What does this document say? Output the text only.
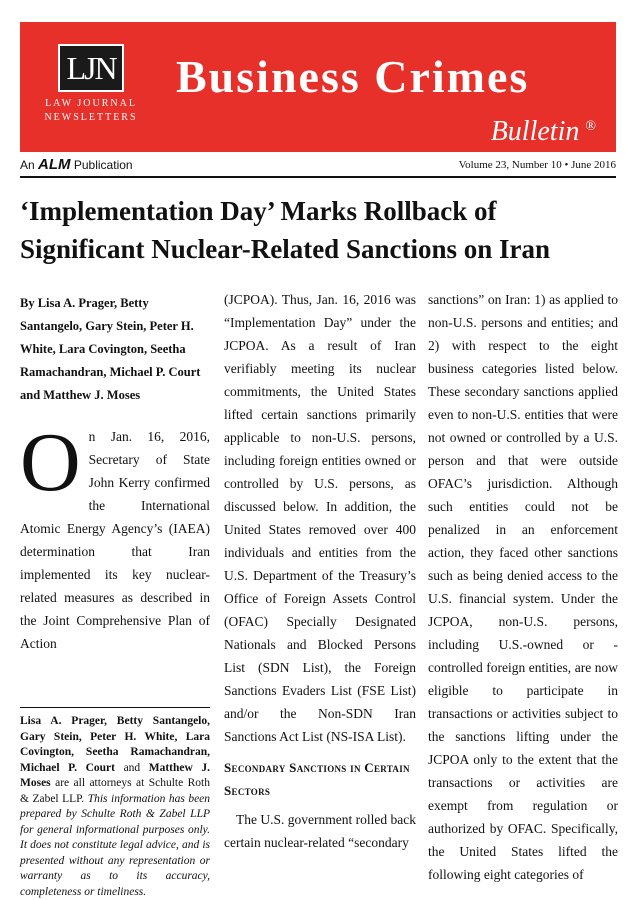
LJN
LAW JOURNAL
NEWSLETTERS
Business Crimes
Bulletin ®
An ALM Publication	Volume 23, Number 10 • June 2016
‘Implementation Day’ Marks Rollback of Significant Nuclear-Related Sanctions on Iran

By Lisa A. Prager, Betty Santangelo, Gary Stein, Peter H. White, Lara Covington, Seetha Ramachandran, Michael P. Court and Matthew J. Moses

On Jan. 16, 2016, Secretary of State John Kerry confirmed the International Atomic Energy Agency’s (IAEA) determination that Iran implemented its key nuclear-related measures as described in the Joint Comprehensive Plan of Action

Lisa A. Prager, Betty Santangelo, Gary Stein, Peter H. White, Lara Covington, Seetha Ramachandran, Michael P. Court and Matthew J. Moses are all attorneys at Schulte Roth & Zabel LLP. This information has been prepared by Schulte Roth & Zabel LLP for general informational purposes only. It does not constitute legal advice, and is presented without any representation or warranty as to its accuracy, completeness or timeliness.

(JCPOA). Thus, Jan. 16, 2016 was “Implementation Day” under the JCPOA. As a result of Iran verifiably meeting its nuclear commitments, the United States lifted certain sanctions primarily applicable to non-U.S. persons, including foreign entities owned or controlled by U.S. persons, as discussed below. In addition, the United States removed over 400 individuals and entities from the U.S. Department of the Treasury’s Office of Foreign Assets Control (OFAC) Specially Designated Nationals and Blocked Persons List (SDN List), the Foreign Sanctions Evaders List (FSE List) and/or the Non-SDN Iran Sanctions Act List (NS-ISA List).

Secondary Sanctions in Certain Sectors

The U.S. government rolled back certain nuclear-related “secondary

sanctions” on Iran: 1) as applied to non-U.S. persons and entities; and 2) with respect to the eight business categories listed below. These secondary sanctions applied even to non-U.S. entities that were not owned or controlled by a U.S. person and that were outside OFAC’s jurisdiction. Although such entities could not be penalized in an enforcement action, they faced other sanctions such as being denied access to the U.S. financial system. Under the JCPOA, non-U.S. persons, including U.S.-owned or -controlled foreign entities, are now eligible to participate in transactions or activities subject to the sanctions lifting under the JCPOA only to the extent that the transactions or activities are exempt from regulation or authorized by OFAC. Specifically, the United States lifted the following eight categories of
